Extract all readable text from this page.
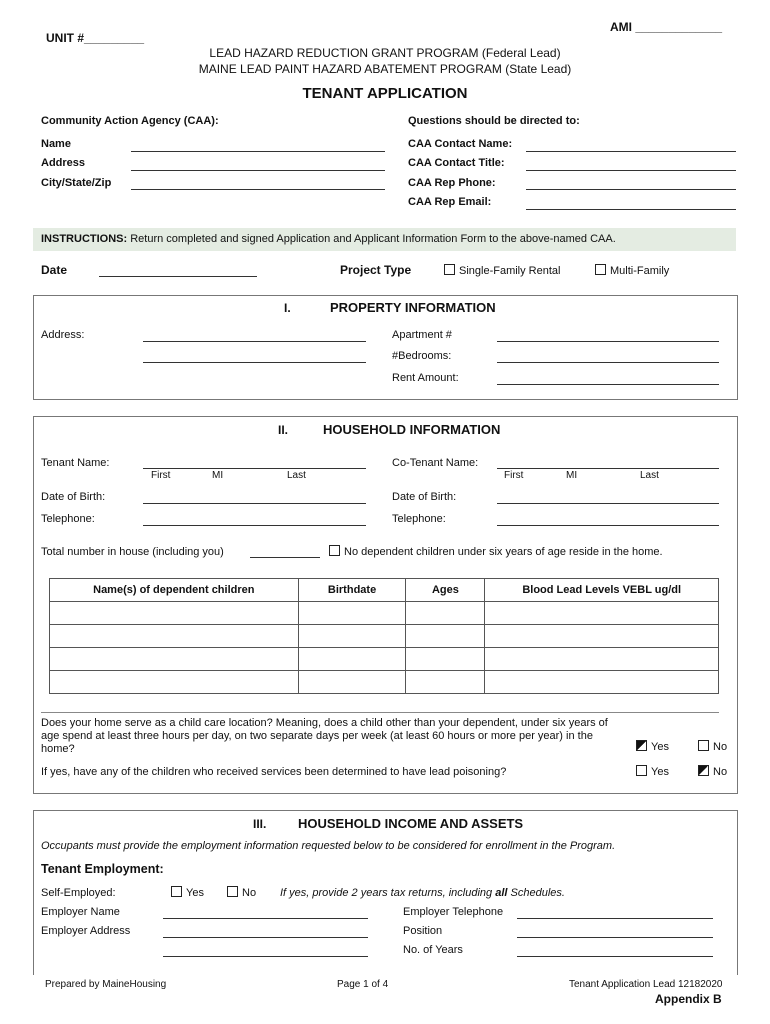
AMI _____________
UNIT #_________
LEAD HAZARD REDUCTION GRANT PROGRAM (Federal Lead)
MAINE LEAD PAINT HAZARD ABATEMENT PROGRAM (State Lead)
TENANT APPLICATION
Community Action Agency (CAA):
Name
Address
City/State/Zip
Questions should be directed to:
CAA Contact Name:
CAA Contact Title:
CAA Rep Phone:
CAA Rep Email:
INSTRUCTIONS: Return completed and signed Application and Applicant Information Form to the above-named CAA.
Date	Project Type	Single-Family Rental	Multi-Family
I.	PROPERTY INFORMATION
Address:	Apartment #
#Bedrooms:
Rent Amount:
II.	HOUSEHOLD INFORMATION
Tenant Name:
First	MI	Last
Co-Tenant Name:
First	MI	Last
Date of Birth:	Date of Birth:
Telephone:	Telephone:
Total number in house (including you)	No dependent children under six years of age reside in the home.
Name(s) of dependent children	Birthdate	Ages	Blood Lead Levels VEBL ug/dl

Does your home serve as a child care location? Meaning, does a child other than your dependent, under six years of age spend at least three hours per day, on two separate days per week (at least 60 hours or more per year) in the home?	Yes	No
If yes, have any of the children who received services been determined to have lead poisoning?	Yes	No
III. HOUSEHOLD INCOME AND ASSETS
Occupants must provide the employment information requested below to be considered for enrollment in the Program.
Tenant Employment:
Self-Employed:	Yes	No If yes, provide 2 years tax returns, including all Schedules.
Employer Name
Employer Address
Employer Telephone
Position
No. of Years
Prepared by MaineHousing	Page 1 of 4	Tenant Application Lead 12182020
Appendix B
